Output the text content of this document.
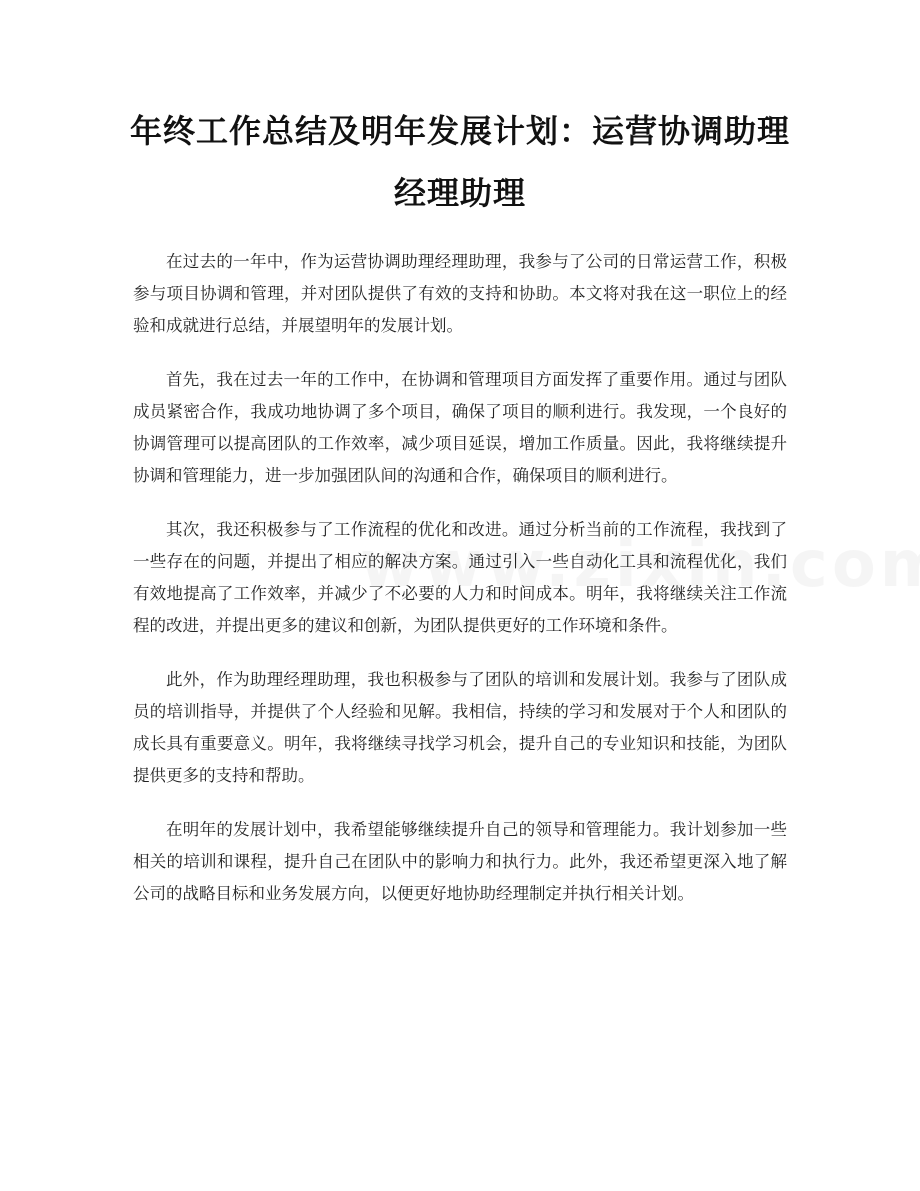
年终工作总结及明年发展计划：运营协调助理经理助理

在过去的一年中，作为运营协调助理经理助理，我参与了公司的日常运营工作，积极参与项目协调和管理，并对团队提供了有效的支持和协助。本文将对我在这一职位上的经验和成就进行总结，并展望明年的发展计划。

首先，我在过去一年的工作中，在协调和管理项目方面发挥了重要作用。通过与团队成员紧密合作，我成功地协调了多个项目，确保了项目的顺利进行。我发现，一个良好的协调管理可以提高团队的工作效率，减少项目延误，增加工作质量。因此，我将继续提升协调和管理能力，进一步加强团队间的沟通和合作，确保项目的顺利进行。

其次，我还积极参与了工作流程的优化和改进。通过分析当前的工作流程，我找到了一些存在的问题，并提出了相应的解决方案。通过引入一些自动化工具和流程优化，我们有效地提高了工作效率，并减少了不必要的人力和时间成本。明年，我将继续关注工作流程的改进，并提出更多的建议和创新，为团队提供更好的工作环境和条件。

此外，作为助理经理助理，我也积极参与了团队的培训和发展计划。我参与了团队成员的培训指导，并提供了个人经验和见解。我相信，持续的学习和发展对于个人和团队的成长具有重要意义。明年，我将继续寻找学习机会，提升自己的专业知识和技能，为团队提供更多的支持和帮助。

在明年的发展计划中，我希望能够继续提升自己的领导和管理能力。我计划参加一些相关的培训和课程，提升自己在团队中的影响力和执行力。此外，我还希望更深入地了解公司的战略目标和业务发展方向，以便更好地协助经理制定并执行相关计划。
